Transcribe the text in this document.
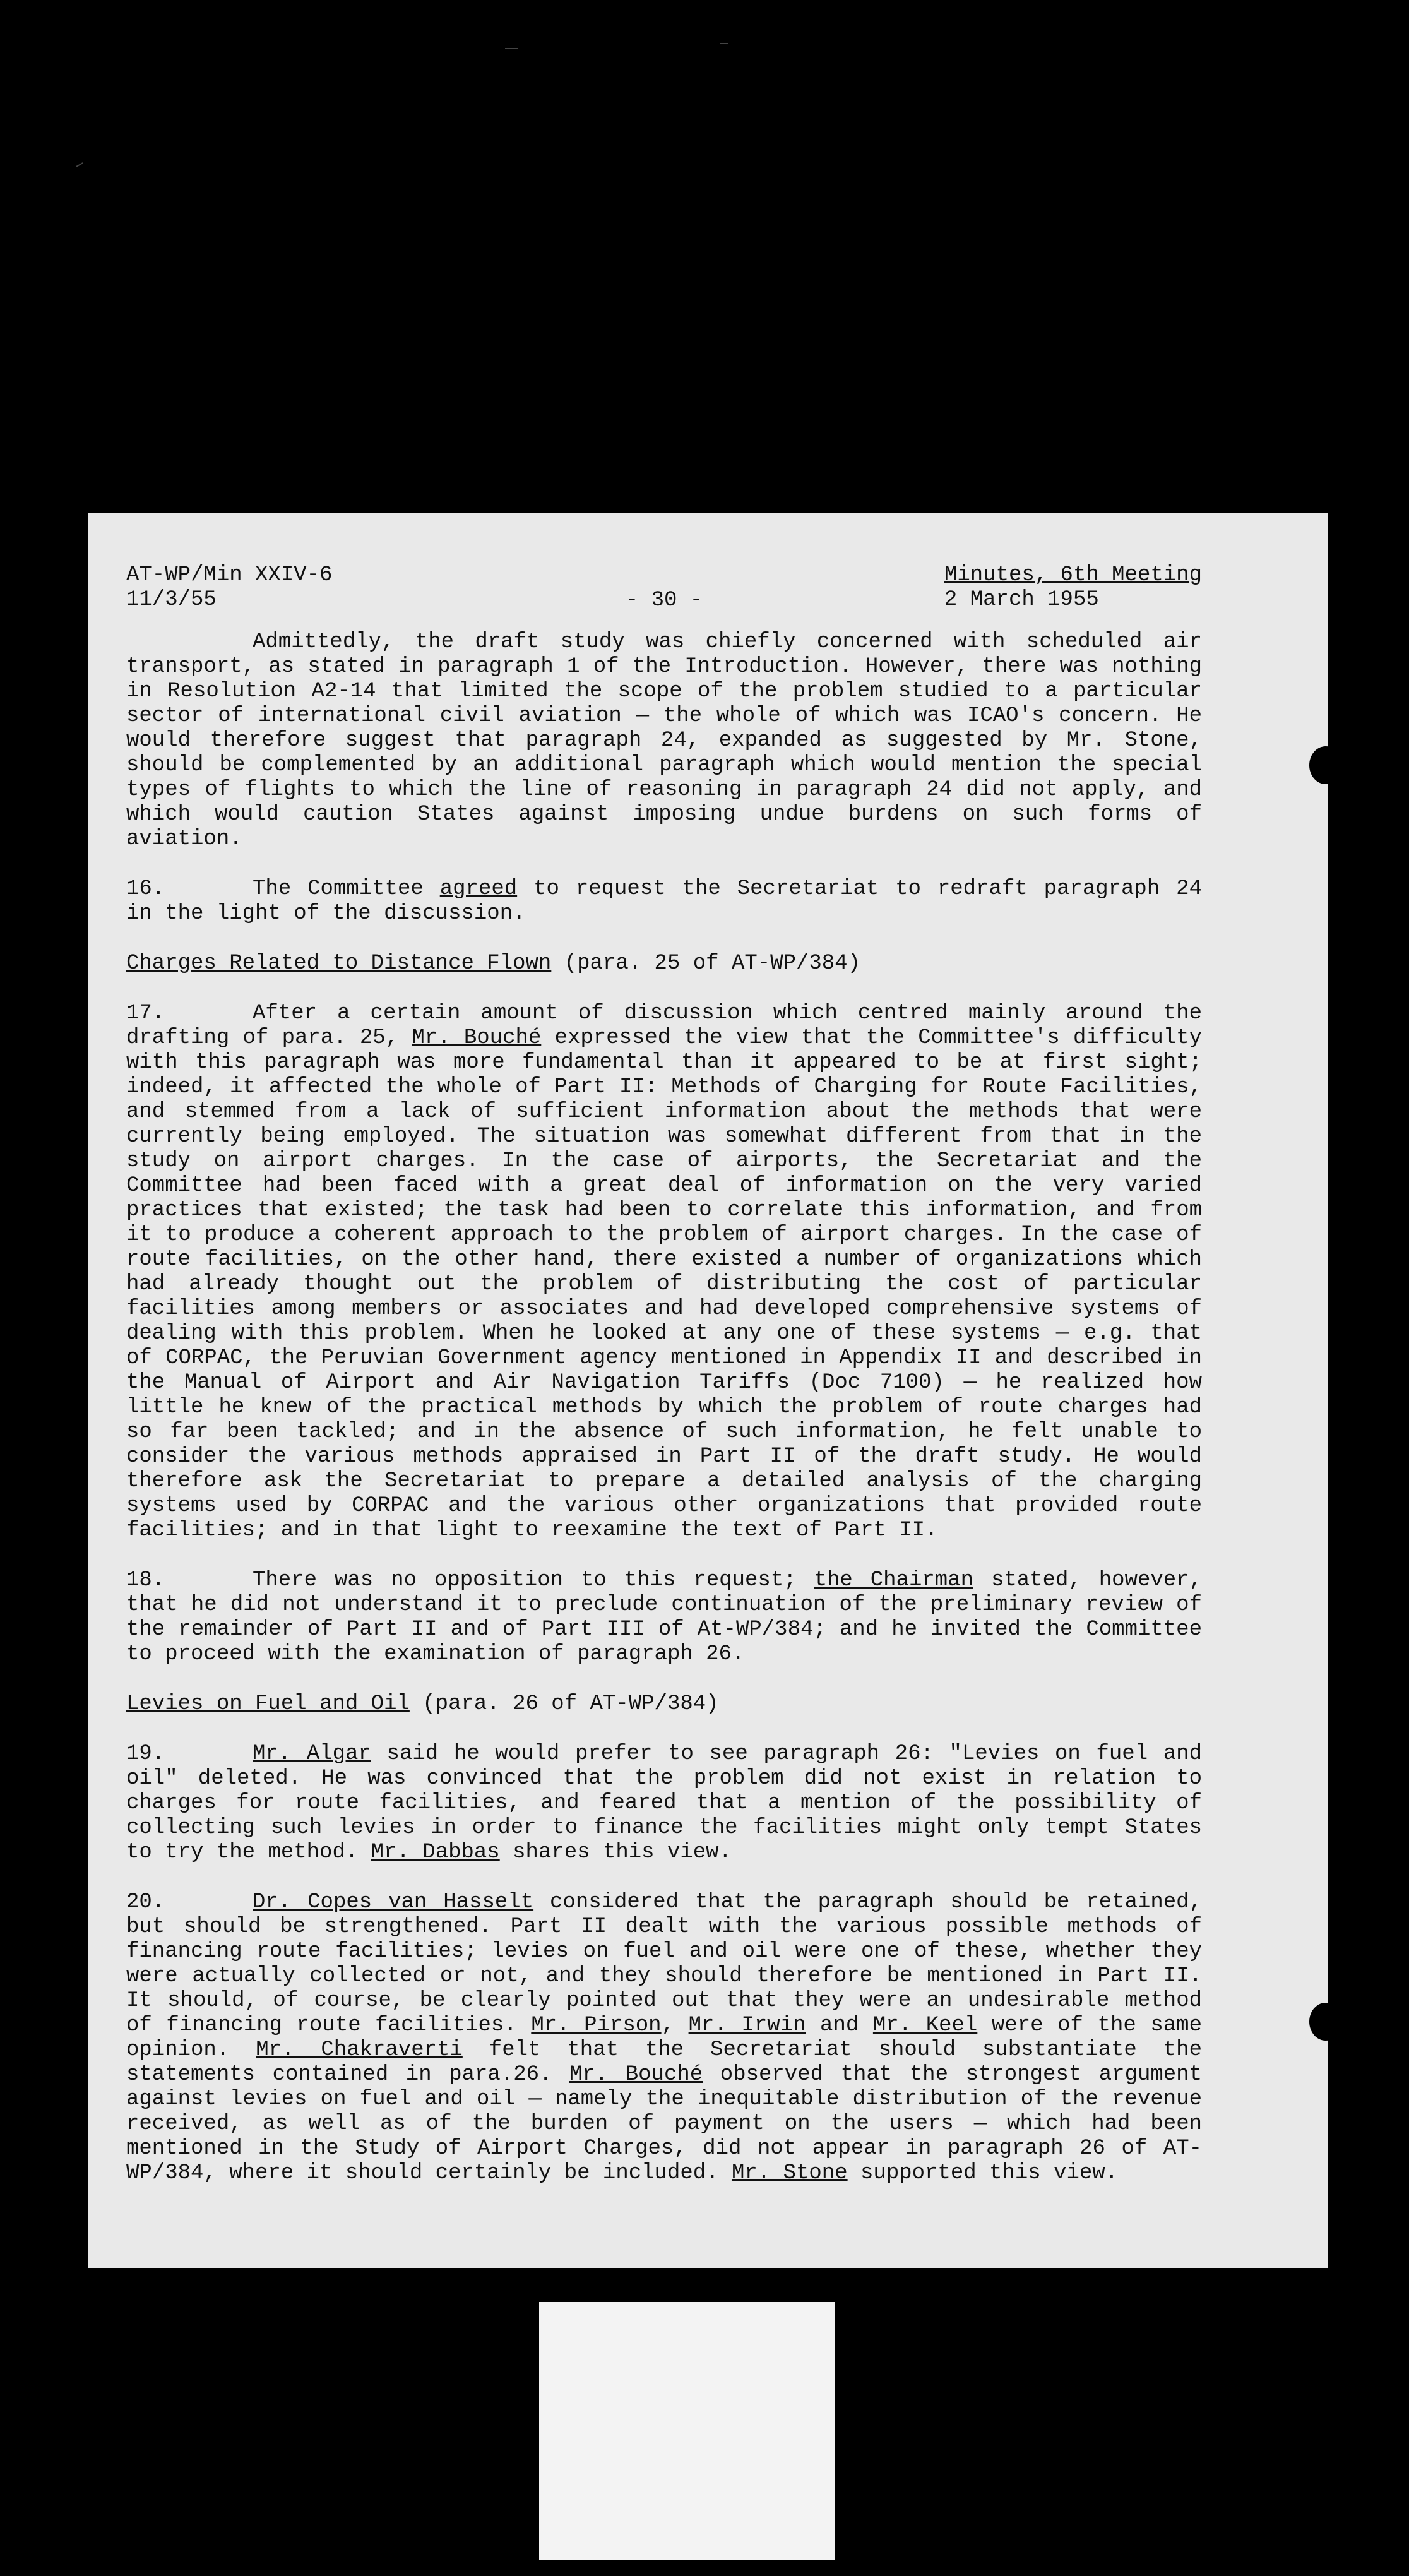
AT-WP/Min XXIV-6
11/3/55	- 30 -
Minutes, 6th Meeting
2 March 1955

Admittedly, the draft study was chiefly concerned with scheduled air transport, as stated in paragraph 1 of the Introduction. However, there was nothing in Resolution A2-14 that limited the scope of the problem studied to a particular sector of international civil aviation — the whole of which was ICAO's concern. He would therefore suggest that paragraph 24, expanded as suggested by Mr. Stone, should be complemented by an additional paragraph which would mention the special types of flights to which the line of reasoning in paragraph 24 did not apply, and which would caution States against imposing undue burdens on such forms of aviation.

16.	The Committee agreed to request the Secretariat to redraft paragraph 24 in the light of the discussion.

Charges Related to Distance Flown (para. 25 of AT-WP/384)

17.	After a certain amount of discussion which centred mainly around the drafting of para. 25, Mr. Bouché expressed the view that the Committee's difficulty with this paragraph was more fundamental than it appeared to be at first sight; indeed, it affected the whole of Part II: Methods of Charging for Route Facilities, and stemmed from a lack of sufficient information about the methods that were currently being employed. The situation was somewhat different from that in the study on airport charges. In the case of airports, the Secretariat and the Committee had been faced with a great deal of information on the very varied practices that existed; the task had been to correlate this information, and from it to produce a coherent approach to the problem of airport charges. In the case of route facilities, on the other hand, there existed a number of organizations which had already thought out the problem of distributing the cost of particular facilities among members or associates and had developed comprehensive systems of dealing with this problem. When he looked at any one of these systems — e.g. that of CORPAC, the Peruvian Government agency mentioned in Appendix II and described in the Manual of Airport and Air Navigation Tariffs (Doc 7100) — he realized how little he knew of the practical methods by which the problem of route charges had so far been tackled; and in the absence of such information, he felt unable to consider the various methods appraised in Part II of the draft study. He would therefore ask the Secretariat to prepare a detailed analysis of the charging systems used by CORPAC and the various other organizations that provided route facilities; and in that light to reexamine the text of Part II.

18.	There was no opposition to this request; the Chairman stated, however, that he did not understand it to preclude continuation of the preliminary review of the remainder of Part II and of Part III of At-WP/384; and he invited the Committee to proceed with the examination of paragraph 26.

Levies on Fuel and Oil (para. 26 of AT-WP/384)

19.	Mr. Algar said he would prefer to see paragraph 26: "Levies on fuel and oil" deleted. He was convinced that the problem did not exist in relation to charges for route facilities, and feared that a mention of the possibility of collecting such levies in order to finance the facilities might only tempt States to try the method. Mr. Dabbas shares this view.

20.	Dr. Copes van Hasselt considered that the paragraph should be retained, but should be strengthened. Part II dealt with the various possible methods of financing route facilities; levies on fuel and oil were one of these, whether they were actually collected or not, and they should therefore be mentioned in Part II. It should, of course, be clearly pointed out that they were an undesirable method of financing route facilities. Mr. Pirson, Mr. Irwin and Mr. Keel were of the same opinion. Mr. Chakraverti felt that the Secretariat should substantiate the statements contained in para.26. Mr. Bouché observed that the strongest argument against levies on fuel and oil — namely the inequitable distribution of the revenue received, as well as of the burden of payment on the users — which had been mentioned in the Study of Airport Charges, did not appear in paragraph 26 of AT-WP/384, where it should certainly be included. Mr. Stone supported this view.
